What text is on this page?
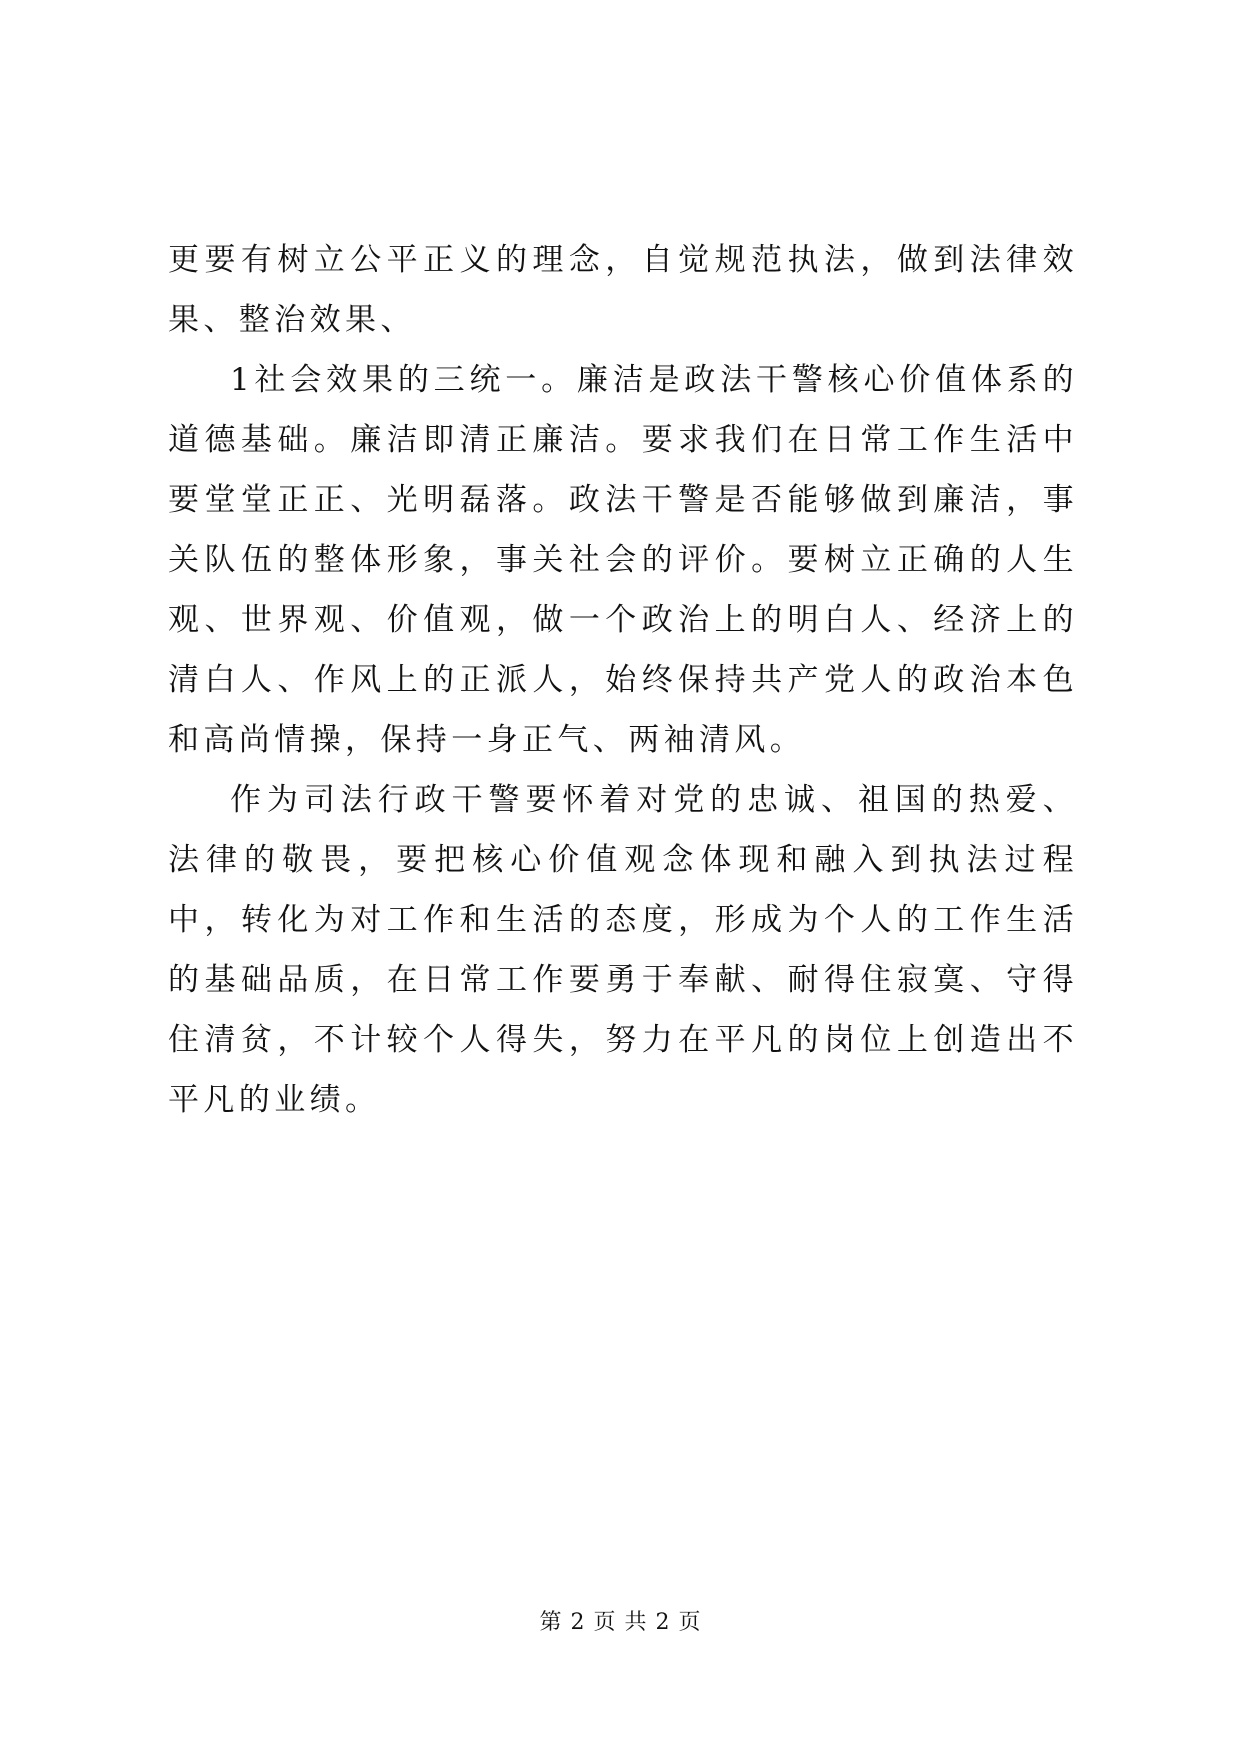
更要有树立公平正义的理念，自觉规范执法，做到法律效果、整治效果、

1社会效果的三统一。廉洁是政法干警核心价值体系的道德基础。廉洁即清正廉洁。要求我们在日常工作生活中要堂堂正正、光明磊落。政法干警是否能够做到廉洁，事关队伍的整体形象，事关社会的评价。要树立正确的人生观、世界观、价值观，做一个政治上的明白人、经济上的清白人、作风上的正派人，始终保持共产党人的政治本色和高尚情操，保持一身正气、两袖清风。

作为司法行政干警要怀着对党的忠诚、祖国的热爱、法律的敬畏，要把核心价值观念体现和融入到执法过程中，转化为对工作和生活的态度，形成为个人的工作生活的基础品质，在日常工作要勇于奉献、耐得住寂寞、守得住清贫，不计较个人得失，努力在平凡的岗位上创造出不平凡的业绩。

第 2 页 共 2 页
